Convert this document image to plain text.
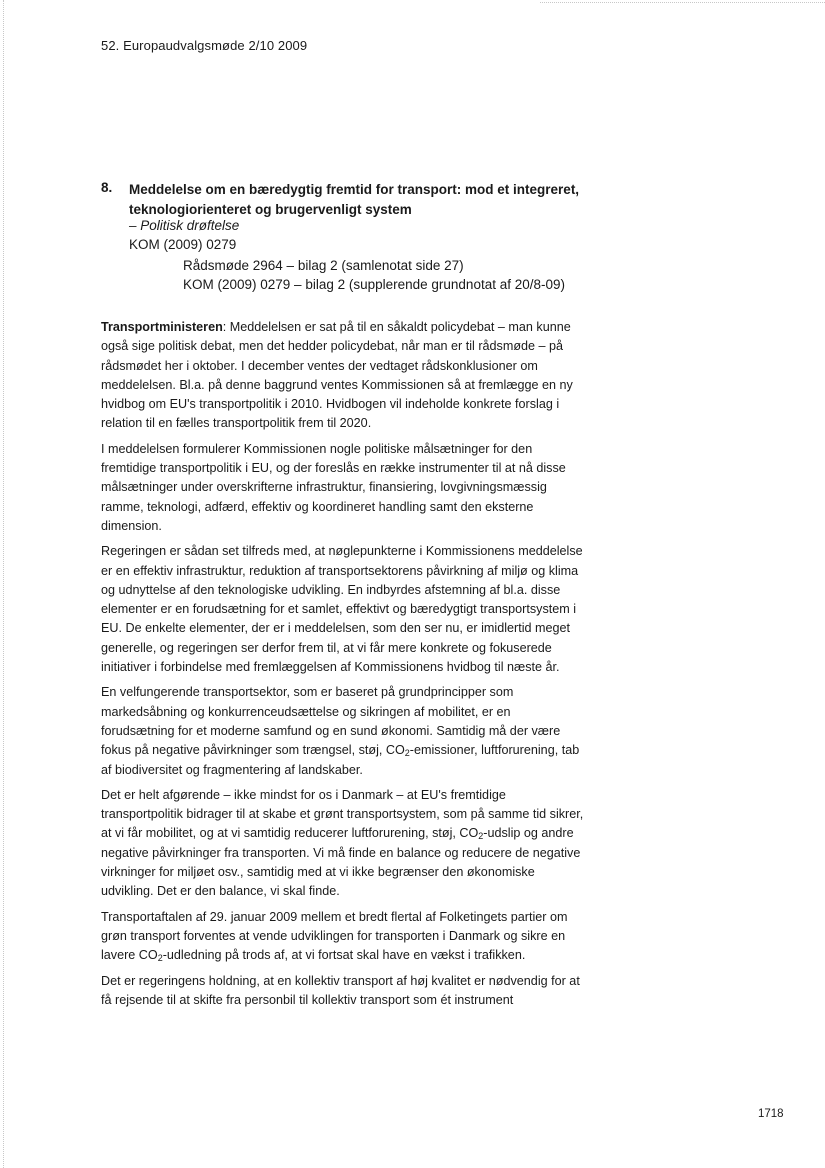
52. Europaudvalgsmøde 2/10 2009
8. Meddelelse om en bæredygtig fremtid for transport: mod et integreret, teknologiorienteret og brugervenligt system
– Politisk drøftelse
KOM (2009) 0279
Rådsmøde 2964 – bilag 2 (samlenotat side 27)
KOM (2009) 0279 – bilag 2 (supplerende grundnotat af 20/8-09)

Transportministeren: Meddelelsen er sat på til en såkaldt policydebat – man kunne også sige politisk debat, men det hedder policydebat, når man er til rådsmøde – på rådsmødet her i oktober. I december ventes der vedtaget rådskonklusioner om meddelelsen. Bl.a. på denne baggrund ventes Kommissionen så at fremlægge en ny hvidbog om EU's transportpolitik i 2010. Hvidbogen vil indeholde konkrete forslag i relation til en fælles transportpolitik frem til 2020.

I meddelelsen formulerer Kommissionen nogle politiske målsætninger for den fremtidige transportpolitik i EU, og der foreslås en række instrumenter til at nå disse målsætninger under overskrifterne infrastruktur, finansiering, lovgivningsmæssig ramme, teknologi, adfærd, effektiv og koordineret handling samt den eksterne dimension.

Regeringen er sådan set tilfreds med, at nøglepunkterne i Kommissionens meddelelse er en effektiv infrastruktur, reduktion af transportsektorens påvirkning af miljø og klima og udnyttelse af den teknologiske udvikling. En indbyrdes afstemning af bl.a. disse elementer er en forudsætning for et samlet, effektivt og bæredygtigt transportsystem i EU. De enkelte elementer, der er i meddelelsen, som den ser nu, er imidlertid meget generelle, og regeringen ser derfor frem til, at vi får mere konkrete og fokuserede initiativer i forbindelse med fremlæggelsen af Kommissionens hvidbog til næste år.

En velfungerende transportsektor, som er baseret på grundprincipper som markedsåbning og konkurrenceudsættelse og sikringen af mobilitet, er en forudsætning for et moderne samfund og en sund økonomi. Samtidig må der være fokus på negative påvirkninger som trængsel, støj, $CO_2$-emissioner, luftforurening, tab af biodiversitet og fragmentering af landskaber.

Det er helt afgørende – ikke mindst for os i Danmark – at EU's fremtidige transportpolitik bidrager til at skabe et grønt transportsystem, som på samme tid sikrer, at vi får mobilitet, og at vi samtidig reducerer luftforurening, støj, $CO_2$-udslip og andre negative påvirkninger fra transporten. Vi må finde en balance og reducere de negative virkninger for miljøet osv., samtidig med at vi ikke begrænser den økonomiske udvikling. Det er den balance, vi skal finde.

Transportaftalen af 29. januar 2009 mellem et bredt flertal af Folketingets partier om grøn transport forventes at vende udviklingen for transporten i Danmark og sikre en lavere $CO_2$-udledning på trods af, at vi fortsat skal have en vækst i trafikken.

Det er regeringens holdning, at en kollektiv transport af høj kvalitet er nødvendig for at få rejsende til at skifte fra personbil til kollektiv transport som ét instrument

1718
